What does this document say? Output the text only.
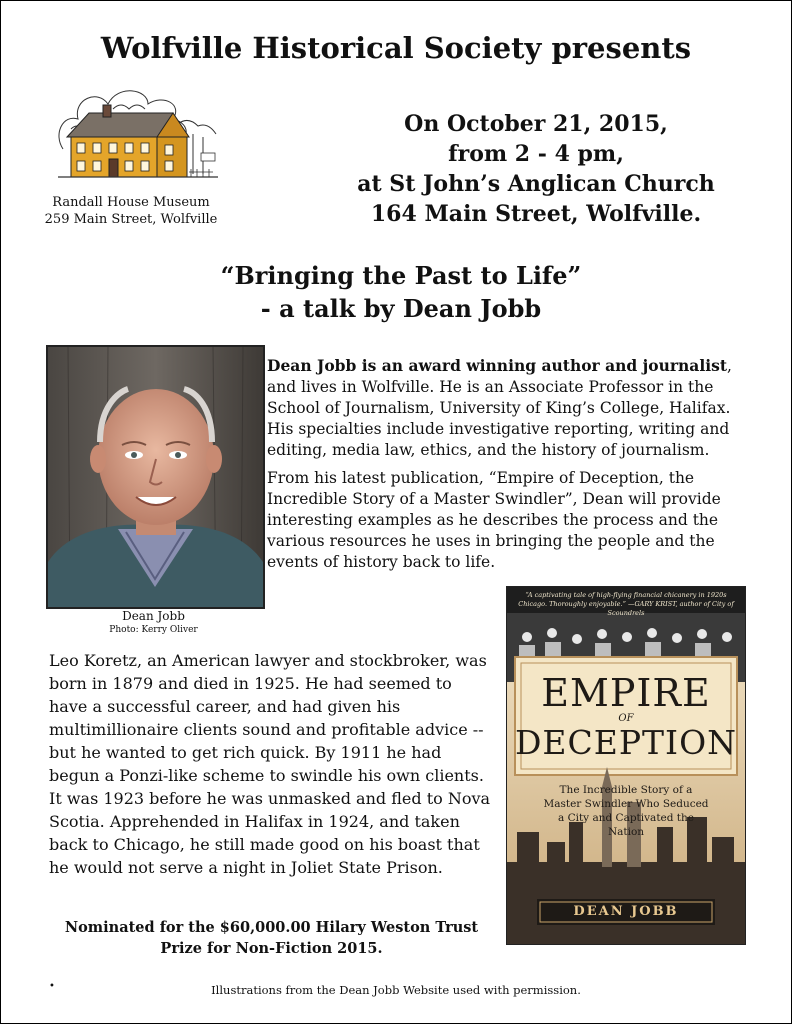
Wolfville Historical Society presents
Randall House Museum
259 Main Street, Wolfville
On October 21, 2015,
from 2 - 4 pm,
at St John’s Anglican Church
164 Main Street, Wolfville.
“Bringing the Past to Life”
- a talk by Dean Jobb
Dean Jobb
Photo: Kerry Oliver

Dean Jobb is an award winning author and journalist, and lives in Wolfville. He is an Associate Professor in the School of Journalism, University of King’s College, Halifax. His specialties include investigative reporting, writing and editing, media law, ethics, and the history of journalism.

From his latest publication, “Empire of Deception, the Incredible Story of a Master Swindler”, Dean will provide interesting examples as he describes the process and the various resources he uses in bringing the people and the events of history back to life.

Leo Koretz, an American lawyer and stockbroker, was born in 1879 and died in 1925. He had seemed to have a successful career, and had given his multimillionaire clients sound and profitable advice -- but he wanted to get rich quick. By 1911 he had begun a Ponzi-like scheme to swindle his own clients. It was 1923 before he was unmasked and fled to Nova Scotia. Apprehended in Halifax in 1924, and taken back to Chicago, he still made good on his boast that he would not serve a night in Joliet State Prison.
Nominated for the $60,000.00 Hilary Weston Trust
Prize for Non-Fiction 2015.
“A captivating tale of high-flying financial chicanery in 1920s Chicago. Thoroughly enjoyable.” —GARY KRIST, author of City of Scoundrels
EMPIRE
OF
DECEPTION
The Incredible Story of a Master Swindler Who Seduced a City and Captivated the Nation
DEAN JOBB
•	Illustrations from the Dean Jobb Website used with permission.
